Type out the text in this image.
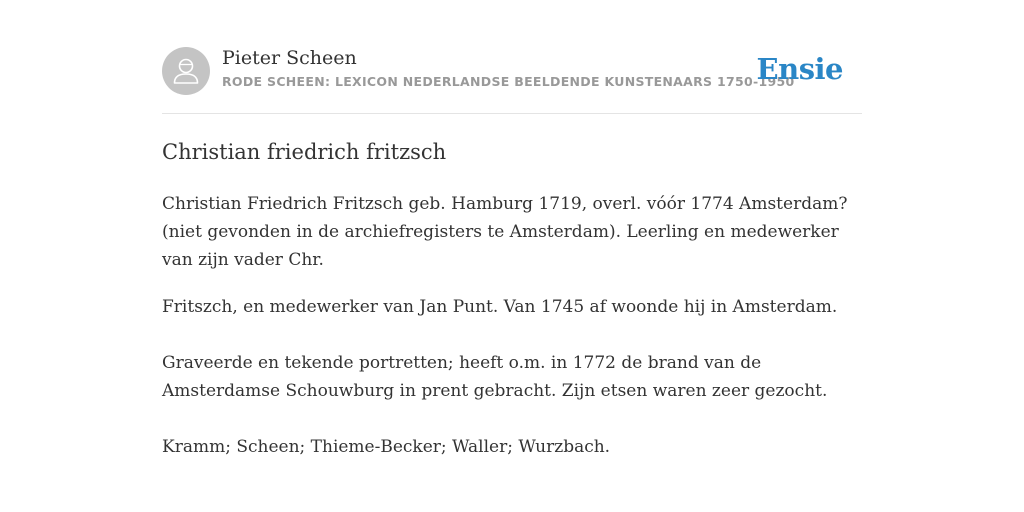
Pieter Scheen
RODE SCHEEN: LEXICON NEDERLANDSE BEELDENDE KUNSTENAARS 1750-1950
Ensie
Christian friedrich fritzsch

Christian Friedrich Fritzsch geb. Hamburg 1719, overl. vóór 1774 Amsterdam? (niet gevonden in de archiefregisters te Amsterdam). Leerling en medewerker van zijn vader Chr.

Fritszch, en medewerker van Jan Punt. Van 1745 af woonde hij in Amsterdam.

Graveerde en tekende portretten; heeft o.m. in 1772 de brand van de Amsterdamse Schouwburg in prent gebracht. Zijn etsen waren zeer gezocht.

Kramm; Scheen; Thieme-Becker; Waller; Wurzbach.
